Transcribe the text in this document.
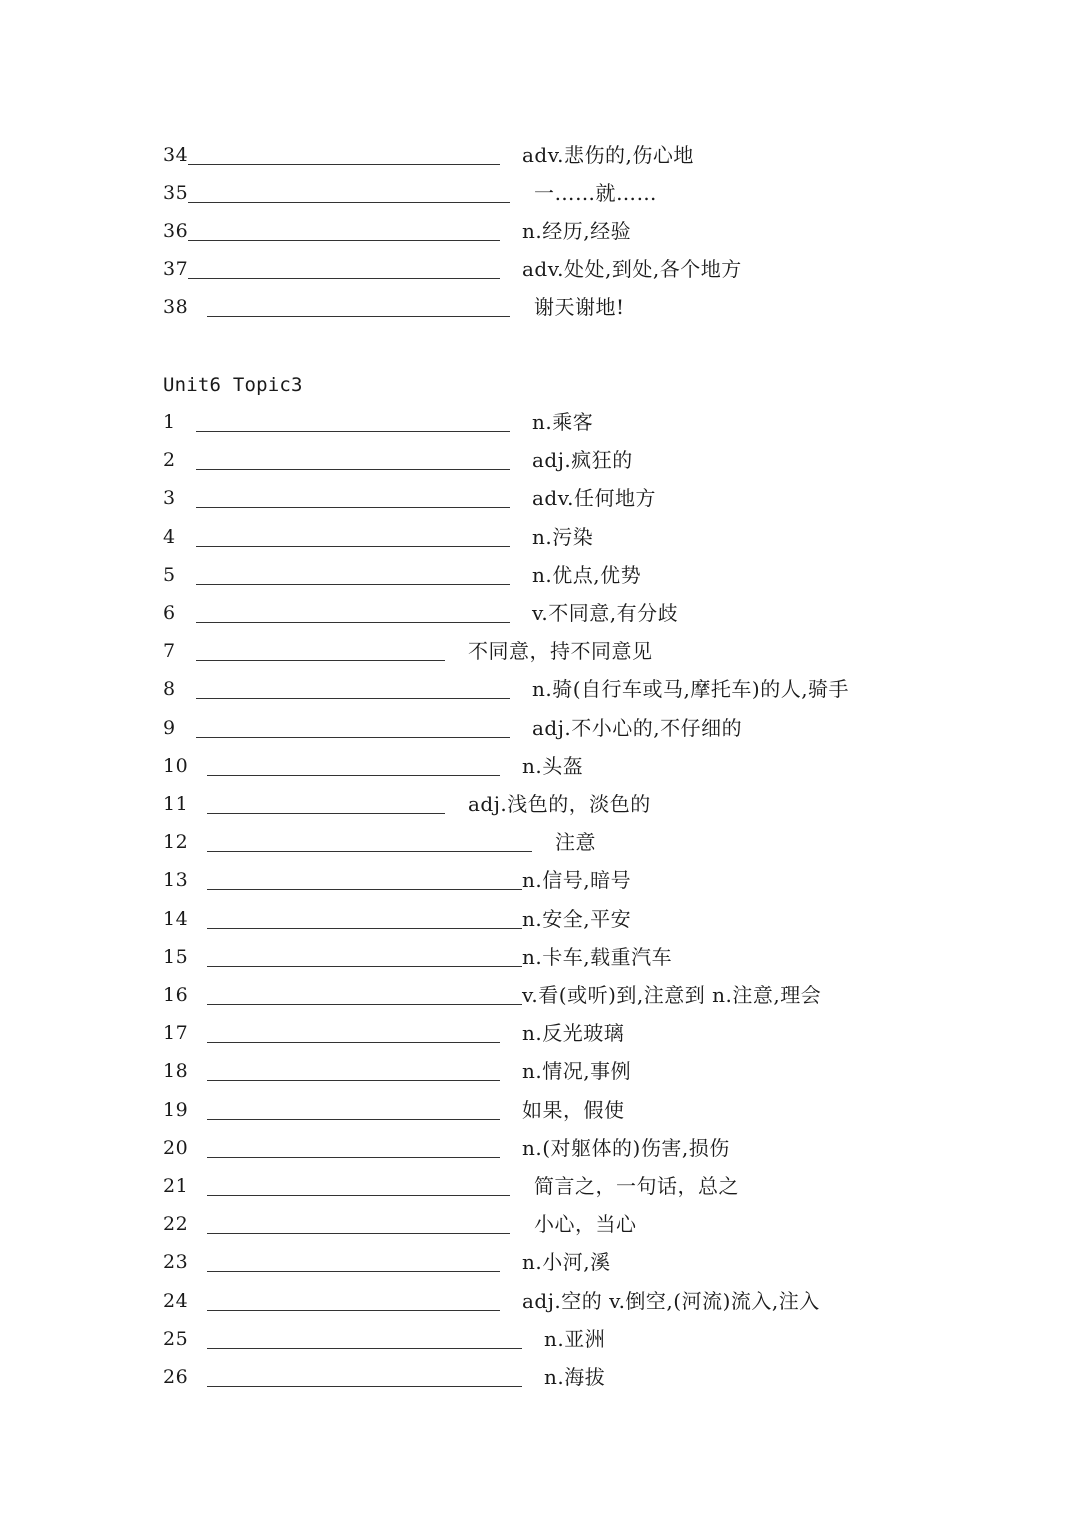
Unit6 Topic3
34	adv.悲伤的,伤心地
35	一……就……
36	n.经历,经验
37	adv.处处,到处,各个地方
38	谢天谢地!
1	n.乘客
2	adj.疯狂的
3	adv.任何地方
4	n.污染
5	n.优点,优势
6	v.不同意,有分歧
7	不同意，持不同意见
8	n.骑(自行车或马,摩托车)的人,骑手
9	adj.不小心的,不仔细的
10	n.头盔
11	adj.浅色的，淡色的
12	注意
13	n.信号,暗号
14	n.安全,平安
15	n.卡车,载重汽车
16	v.看(或听)到,注意到 n.注意,理会
17	n.反光玻璃
18	n.情况,事例
19	如果，假使
20	n.(对躯体的)伤害,损伤
21	简言之，一句话，总之
22	小心，当心
23	n.小河,溪
24	adj.空的 v.倒空,(河流)流入,注入
25	n.亚洲
26	n.海拔
